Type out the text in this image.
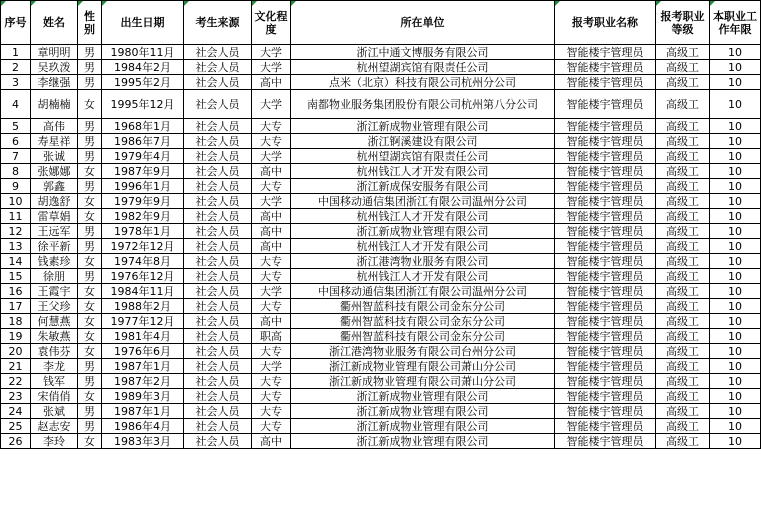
序号	姓名	性别	出生日期	考生来源	文化程度	所在单位	报考职业名称	报考职业等级	本职业工作年限
1	章明明	男	1980年11月	社会人员	大学	浙江中通文博服务有限公司	智能楼宇管理员	高级工	10
2	吴玖泼	男	1984年2月	社会人员	大学	杭州望湖宾馆有限责任公司	智能楼宇管理员	高级工	10
3	李继强	男	1995年2月	社会人员	高中	点米（北京）科技有限公司杭州分公司	智能楼宇管理员	高级工	10
4	胡楠楠	女	1995年12月	社会人员	大学	南都物业服务集团股份有限公司杭州第八分公司	智能楼宇管理员	高级工	10
5	高伟	男	1968年1月	社会人员	大专	浙江新成物业管理有限公司	智能楼宇管理员	高级工	10
6	寿星祥	男	1986年7月	社会人员	大专	浙江锕溪建设有限公司	智能楼宇管理员	高级工	10
7	张诚	男	1979年4月	社会人员	大学	杭州望湖宾馆有限责任公司	智能楼宇管理员	高级工	10
8	张娜娜	女	1987年9月	社会人员	高中	杭州钱江人才开发有限公司	智能楼宇管理员	高级工	10
9	郭鑫	男	1996年1月	社会人员	大专	浙江新成保安服务有限公司	智能楼宇管理员	高级工	10
10	胡逸舒	女	1979年9月	社会人员	大学	中国移动通信集团浙江有限公司温州分公司	智能楼宇管理员	高级工	10
11	雷草娟	女	1982年9月	社会人员	高中	杭州钱江人才开发有限公司	智能楼宇管理员	高级工	10
12	王远军	男	1978年1月	社会人员	高中	浙江新成物业管理有限公司	智能楼宇管理员	高级工	10
13	徐平新	男	1972年12月	社会人员	高中	杭州钱江人才开发有限公司	智能楼宇管理员	高级工	10
14	钱素珍	女	1974年8月	社会人员	大专	浙江港湾物业服务有限公司	智能楼宇管理员	高级工	10
15	徐朋	男	1976年12月	社会人员	大专	杭州钱江人才开发有限公司	智能楼宇管理员	高级工	10
16	王霞宇	女	1984年11月	社会人员	大学	中国移动通信集团浙江有限公司温州分公司	智能楼宇管理员	高级工	10
17	王父珍	女	1988年2月	社会人员	大专	衢州智蓝科技有限公司金东分公司	智能楼宇管理员	高级工	10
18	何慧燕	女	1977年12月	社会人员	高中	衢州智蓝科技有限公司金东分公司	智能楼宇管理员	高级工	10
19	朱敏燕	女	1981年4月	社会人员	职高	衢州智蓝科技有限公司金东分公司	智能楼宇管理员	高级工	10
20	袁伟芬	女	1976年6月	社会人员	大专	浙江港湾物业服务有限公司台州分公司	智能楼宇管理员	高级工	10
21	李龙	男	1987年1月	社会人员	大学	浙江新成物业管理有限公司萧山分公司	智能楼宇管理员	高级工	10
22	钱军	男	1987年2月	社会人员	大专	浙江新成物业管理有限公司萧山分公司	智能楼宇管理员	高级工	10
23	宋俏俏	女	1989年3月	社会人员	大专	浙江新成物业管理有限公司	智能楼宇管理员	高级工	10
24	张斌	男	1987年1月	社会人员	大专	浙江新成物业管理有限公司	智能楼宇管理员	高级工	10
25	赵志安	男	1986年4月	社会人员	大专	浙江新成物业管理有限公司	智能楼宇管理员	高级工	10
26	李玲	女	1983年3月	社会人员	高中	浙江新成物业管理有限公司	智能楼宇管理员	高级工	10
